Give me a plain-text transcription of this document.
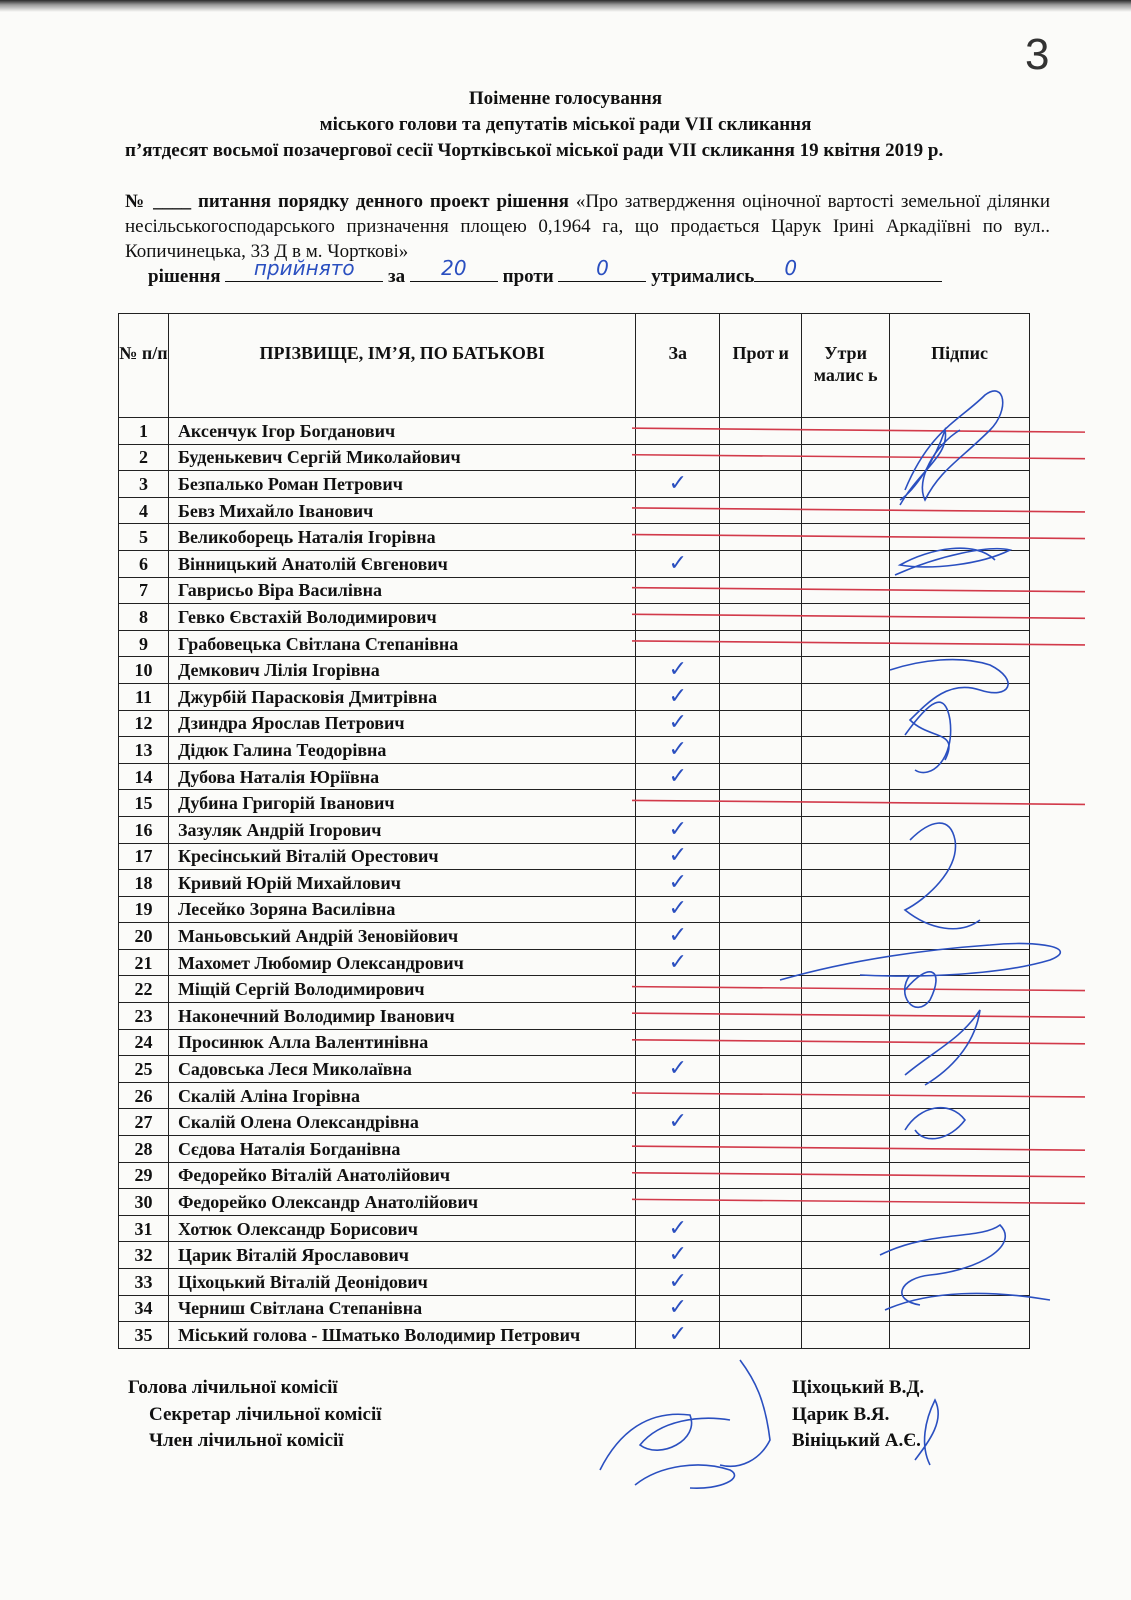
3
Поіменне голосування
міського голови та депутатів міської ради VII скликання
п’ятдесят восьмої позачергової сесії Чортківської міської ради VII скликання 19 квітня 2019 р.
№ ____ питання порядку денного проект рішення «Про затвердження оціночної вартості земельної ділянки несільськогосподарського призначення площею 0,1964 га, що продається Царук Ірині Аркадіївні по вул.. Копичинецька, 33 Д в м. Чорткові»
рішення	прийнято	за	20	проти	0	утримались 0
№ п/п	ПРІЗВИЩЕ, ІМ’Я, ПО БАТЬКОВІ	За	Прот и	Утри малис ь	Підпис
1	Аксенчук Ігор Богданович				
2	Буденькевич Сергій Миколайович				
3	Безпалько Роман Петрович	✓			
4	Бевз Михайло Іванович				
5	Великоборець Наталія Ігорівна				
6	Вінницький Анатолій Євгенович	✓			
7	Гаврисьо Віра Василівна				
8	Гевко Євстахій Володимирович				
9	Грабовецька Світлана Степанівна				
10	Демкович Лілія Ігорівна	✓			
11	Джурбій Парасковія Дмитрівна	✓			
12	Дзиндра Ярослав Петрович	✓			
13	Дідюк Галина Теодорівна	✓			
14	Дубова Наталія Юріївна	✓			
15	Дубина Григорій Іванович				
16	Зазуляк Андрій Ігорович	✓			
17	Кресінський Віталій Орестович	✓			
18	Кривий Юрій Михайлович	✓			
19	Лесейко Зоряна Василівна	✓			
20	Маньовський Андрій Зеновійович	✓			
21	Махомет Любомир Олександрович	✓			
22	Міщій Сергій Володимирович				
23	Наконечний Володимир Іванович				
24	Просинюк Алла Валентинівна				
25	Садовська Леся Миколаївна	✓			
26	Скалій Аліна Ігорівна				
27	Скалій Олена Олександрівна	✓			
28	Сєдова Наталія Богданівна				
29	Федорейко Віталій Анатолійович				
30	Федорейко Олександр Анатолійович				
31	Хотюк Олександр Борисович	✓			
32	Царик Віталій Ярославович	✓			
33	Ціхоцький Віталій Деонідович	✓			
34	Черниш Світлана Степанівна	✓			
35	Міський голова - Шматько Володимир Петрович	✓			
Голова лічильної комісії
Секретар лічильної комісії
Член лічильної комісії
Ціхоцький В.Д.
Царик В.Я.
Вініцький А.Є.
